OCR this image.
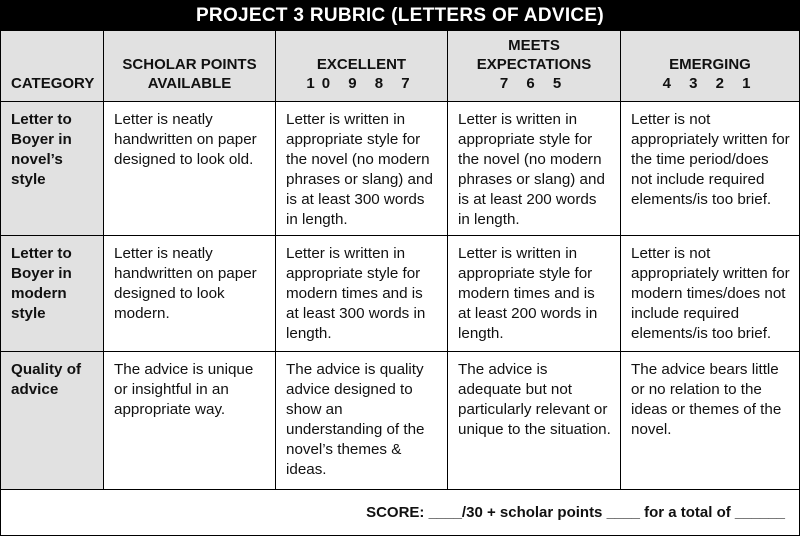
PROJECT 3 RUBRIC (LETTERS OF ADVICE)
CATEGORY
SCHOLAR POINTS AVAILABLE
EXCELLENT
10 9 8 7
MEETS EXPECTATIONS
7 6 5
EMERGING
4 3 2 1
Letter to Boyer in novel’s style
Letter is neatly handwritten on paper designed to look old.
Letter is written in appropriate style for the novel (no modern phrases or slang) and is at least 300 words in length.
Letter is written in appropriate style for the novel (no modern phrases or slang) and is at least 200 words in length.
Letter is not appropriately written for the time period/does not include required elements/is too brief.
Letter to Boyer in modern style
Letter is neatly handwritten on paper designed to look modern.
Letter is written in appropriate style for modern times and is at least 300 words in length.
Letter is written in appropriate style for modern times and is at least 200 words in length.
Letter is not appropriately written for modern times/does not include required elements/is too brief.
Quality of advice
The advice is unique or insightful in an appropriate way.
The advice is quality advice designed to show an understanding of the novel’s themes & ideas.
The advice is adequate but not particularly relevant or unique to the situation.
The advice bears little or no relation to the ideas or themes of the novel.
SCORE: ____/30 + scholar points ____ for a total of ______
